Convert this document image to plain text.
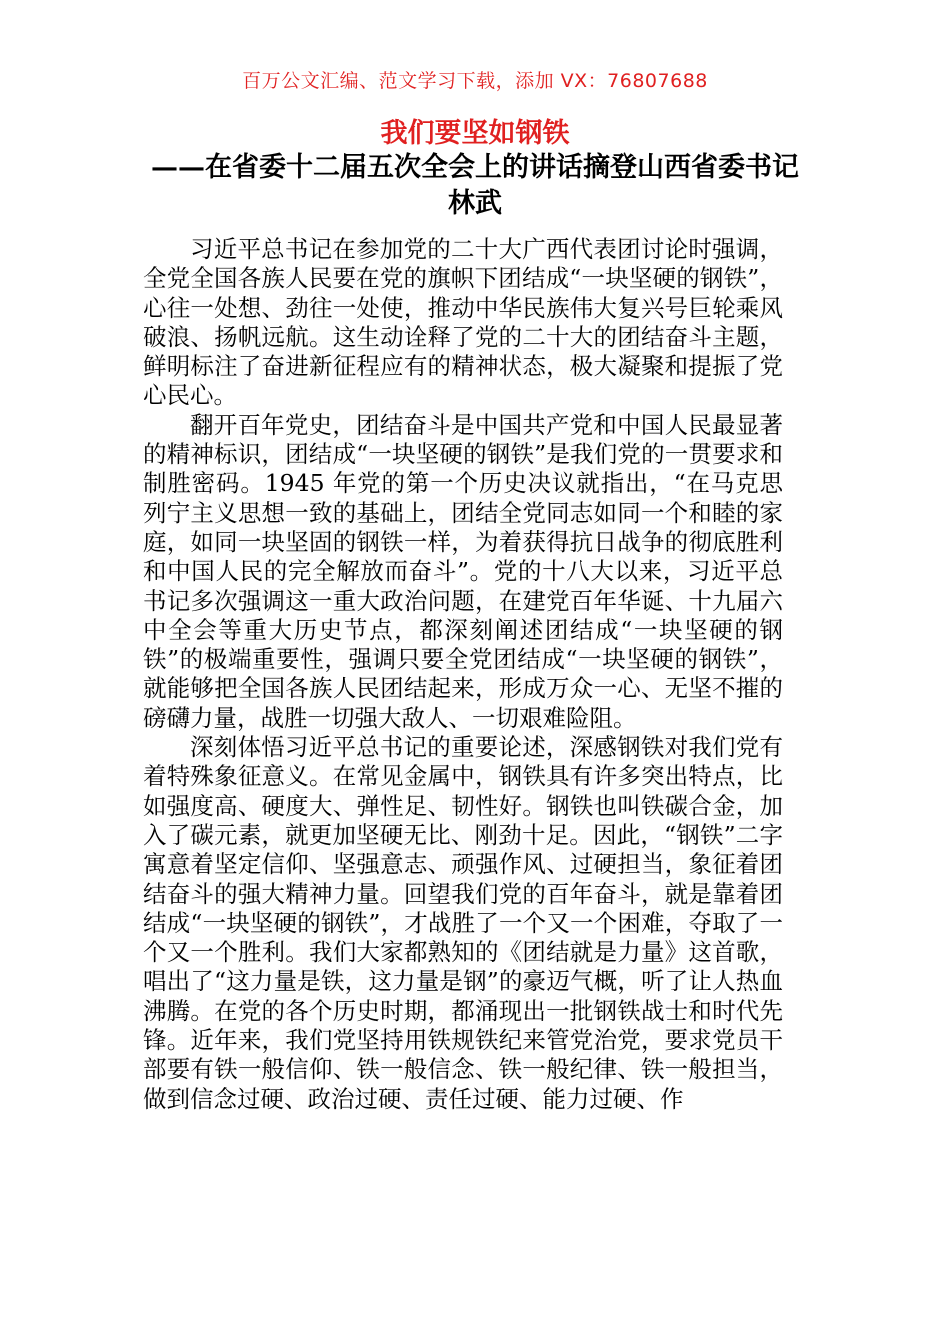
百万公文汇编、范文学习下载，添加 VX：76807688
我们要坚如钢铁
——在省委十二届五次全会上的讲话摘登山西省委书记　　林武

习近平总书记在参加党的二十大广西代表团讨论时强调，全党全国各族人民要在党的旗帜下团结成“一块坚硬的钢铁”，心往一处想、劲往一处使，推动中华民族伟大复兴号巨轮乘风破浪、扬帆远航。这生动诠释了党的二十大的团结奋斗主题，鲜明标注了奋进新征程应有的精神状态，极大凝聚和提振了党心民心。

翻开百年党史，团结奋斗是中国共产党和中国人民最显著的精神标识，团结成“一块坚硬的钢铁”是我们党的一贯要求和制胜密码。1945 年党的第一个历史决议就指出，“在马克思列宁主义思想一致的基础上，团结全党同志如同一个和睦的家庭，如同一块坚固的钢铁一样，为着获得抗日战争的彻底胜利和中国人民的完全解放而奋斗”。党的十八大以来，习近平总书记多次强调这一重大政治问题，在建党百年华诞、十九届六中全会等重大历史节点，都深刻阐述团结成“一块坚硬的钢铁”的极端重要性，强调只要全党团结成“一块坚硬的钢铁”，就能够把全国各族人民团结起来，形成万众一心、无坚不摧的磅礴力量，战胜一切强大敌人、一切艰难险阻。

深刻体悟习近平总书记的重要论述，深感钢铁对我们党有着特殊象征意义。在常见金属中，钢铁具有许多突出特点，比如强度高、硬度大、弹性足、韧性好。钢铁也叫铁碳合金，加入了碳元素，就更加坚硬无比、刚劲十足。因此，“钢铁”二字寓意着坚定信仰、坚强意志、顽强作风、过硬担当，象征着团结奋斗的强大精神力量。回望我们党的百年奋斗，就是靠着团结成“一块坚硬的钢铁”，才战胜了一个又一个困难，夺取了一个又一个胜利。我们大家都熟知的《团结就是力量》这首歌，唱出了“这力量是铁，这力量是钢”的豪迈气概，听了让人热血沸腾。在党的各个历史时期，都涌现出一批钢铁战士和时代先锋。近年来，我们党坚持用铁规铁纪来管党治党，要求党员干部要有铁一般信仰、铁一般信念、铁一般纪律、铁一般担当，做到信念过硬、政治过硬、责任过硬、能力过硬、作
